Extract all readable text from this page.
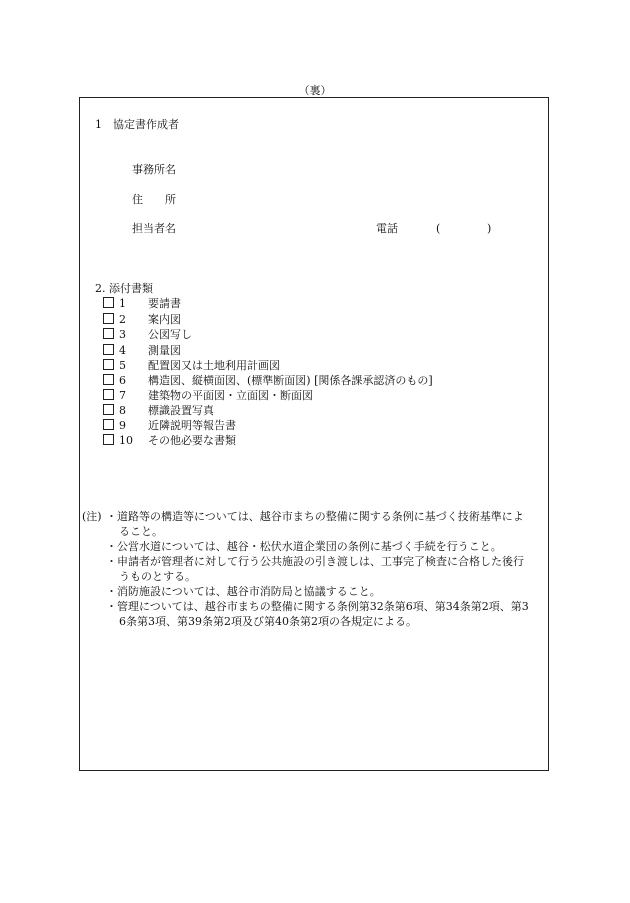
（裏）
1　協定書作成者
事務所名
住　　所
担当者名	電話	(	)
2. 添付書類
1 要請書
2 案内図
3 公図写し
4 測量図
5 配置図又は土地利用計画図
6 構造図、縦横面図、(標準断面図) [関係各課承認済のもの]
7 建築物の平面図・立面図・断面図
8 標識設置写真
9 近隣説明等報告書
10 その他必要な書類
(注) ・道路等の構造等については、越谷市まちの整備に関する条例に基づく技術基準によ
ること。
・公営水道については、越谷・松伏水道企業団の条例に基づく手続を行うこと。
・申請者が管理者に対して行う公共施設の引き渡しは、工事完了検査に合格した後行
うものとする。
・消防施設については、越谷市消防局と協議すること。
・管理については、越谷市まちの整備に関する条例第32条第6項、第34条第2項、第3
6条第3項、第39条第2項及び第40条第2項の各規定による。
